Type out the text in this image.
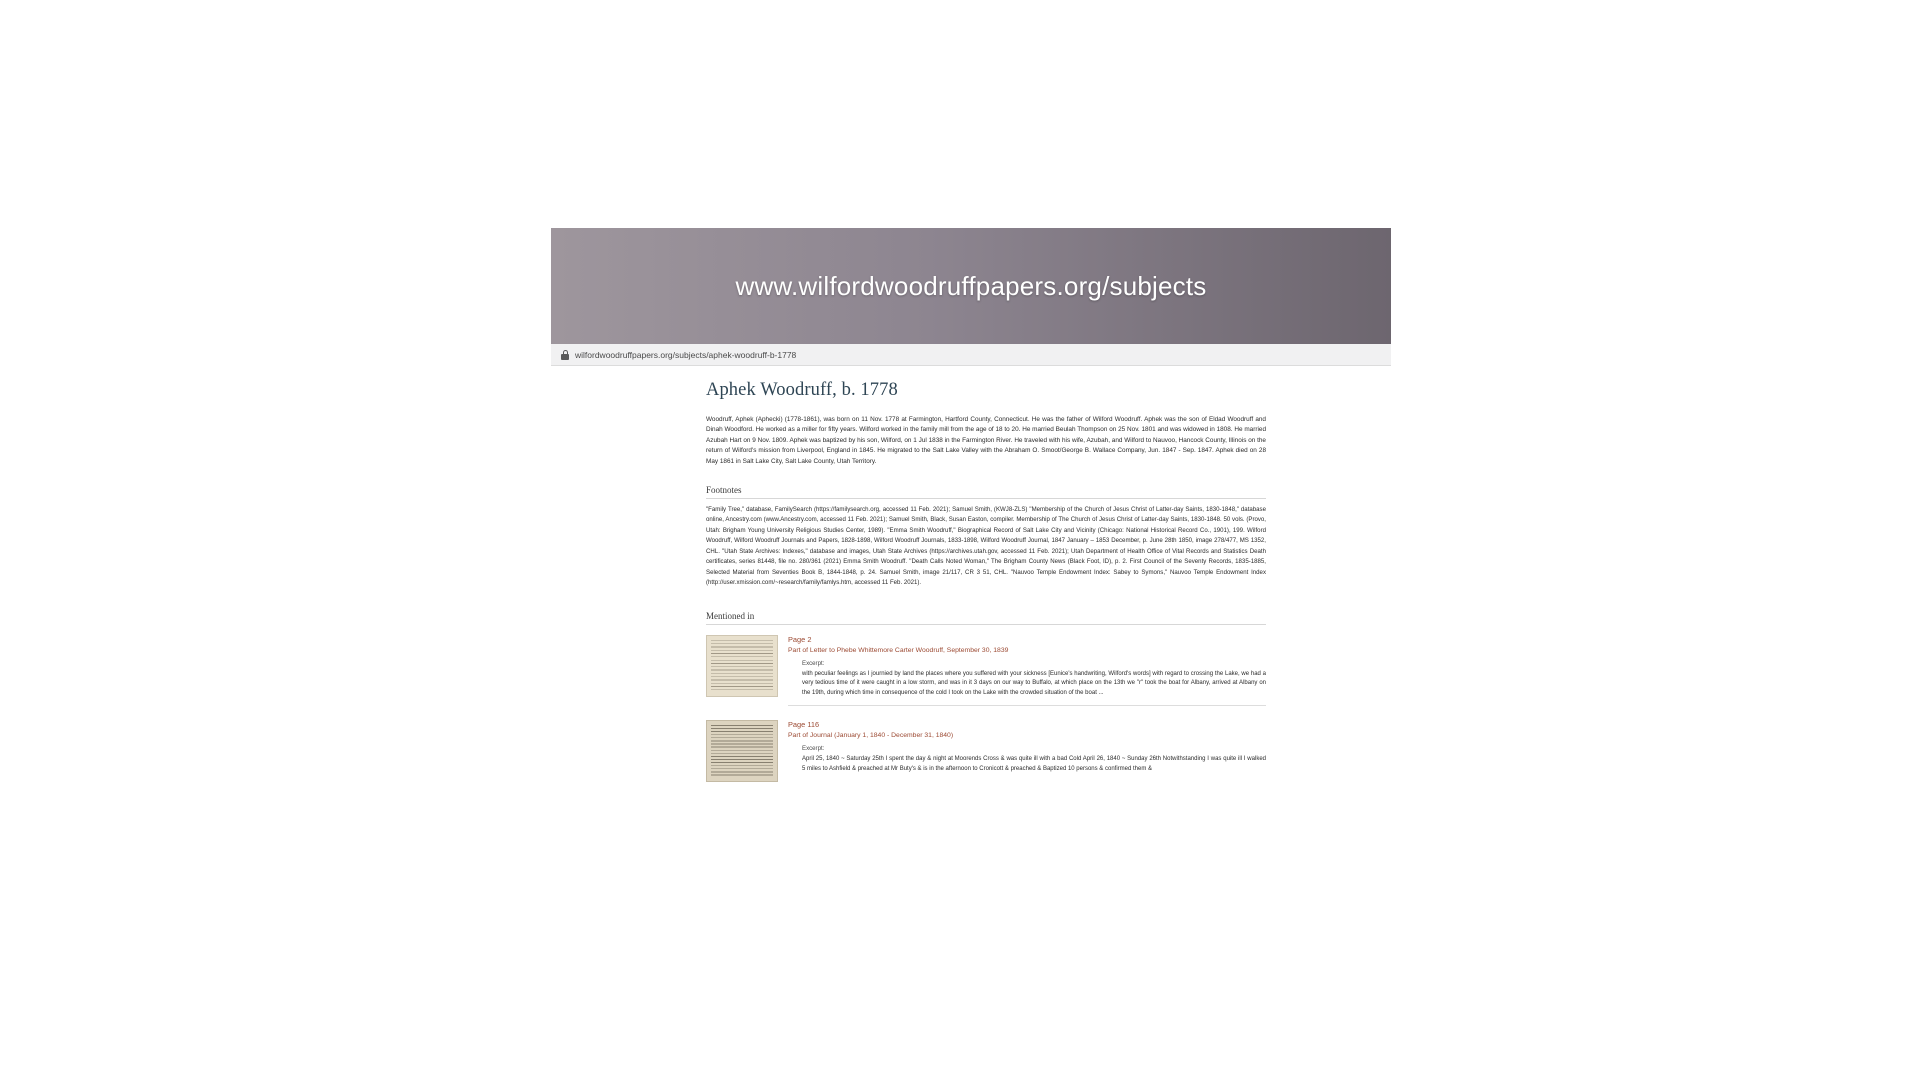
www.wilfordwoodruffpapers.org/subjects
wilfordwoodruffpapers.org/subjects/aphek-woodruff-b-1778
Aphek Woodruff, b. 1778

Woodruff, Aphek (Aphecki) (1778-1861), was born on 11 Nov. 1778 at Farmington, Hartford County, Connecticut. He was the father of Wilford Woodruff. Aphek was the son of Eldad Woodruff and Dinah Woodford. He worked as a miller for fifty years. Wilford worked in the family mill from the age of 18 to 20. He married Beulah Thompson on 25 Nov. 1801 and was widowed in 1808. He married Azubah Hart on 9 Nov. 1809. Aphek was baptized by his son, Wilford, on 1 Jul 1838 in the Farmington River. He traveled with his wife, Azubah, and Wilford to Nauvoo, Hancock County, Illinois on the return of Wilford's mission from Liverpool, England in 1845. He migrated to the Salt Lake Valley with the Abraham O. Smoot/George B. Wallace Company, Jun. 1847 - Sep. 1847. Aphek died on 28 May 1861 in Salt Lake City, Salt Lake County, Utah Territory.

Footnotes

"Family Tree," database, FamilySearch (https://familysearch.org, accessed 11 Feb. 2021); Samuel Smith, (KWJ8-ZLS) "Membership of the Church of Jesus Christ of Latter-day Saints, 1830-1848," database online, Ancestry.com (www.Ancestry.com, accessed 11 Feb. 2021); Samuel Smith, Black, Susan Easton, compiler. Membership of The Church of Jesus Christ of Latter-day Saints, 1830-1848. 50 vols. (Provo, Utah: Brigham Young University Religious Studies Center, 1989). "Emma Smith Woodruff," Biographical Record of Salt Lake City and Vicinity (Chicago: National Historical Record Co., 1901), 199. Wilford Woodruff, Wilford Woodruff Journals and Papers, 1828-1898, Wilford Woodruff Journals, 1833-1898, Wilford Woodruff Journal, 1847 January – 1853 December, p. June 28th 1850, image 278/477, MS 1352, CHL. "Utah State Archives: Indexes," database and images, Utah State Archives (https://archives.utah.gov, accessed 11 Feb. 2021); Utah Department of Health Office of Vital Records and Statistics Death certificates, series 81448, file no. 280/361 (2021) Emma Smith Woodruff. "Death Calls Noted Woman," The Brigham County News (Black Foot, ID), p. 2. First Council of the Seventy Records, 1835-1885, Selected Material from Seventies Book B, 1844-1848, p. 24. Samuel Smith, image 21/117, CR 3 51, CHL. "Nauvoo Temple Endowment Index: Sabey to Symons," Nauvoo Temple Endowment Index (http://user.xmission.com/~research/family/famlys.htm, accessed 11 Feb. 2021).

Mentioned in
Page 2
Part of Letter to Phebe Whittemore Carter Woodruff, September 30, 1839
Excerpt:
with peculiar feelings as I journied by land the places where you suffered with your sickness [Eunice's handwriting, Wilford's words] with regard to crossing the Lake, we had a very tedious time of it were caught in a low storm, and was in it 3 days on our way to Buffalo, at which place on the 13th we "r" took the boat for Albany, arrived at Albany on the 19th, during which time in consequence of the cold I took on the Lake with the crowded situation of the boat ...
Page 116
Part of Journal (January 1, 1840 - December 31, 1840)
Excerpt:
April 25, 1840 ~ Saturday 25th I spent the day & night at Moorends Cross & was quite ill with a bad Cold April 26, 1840 ~ Sunday 26th Notwithstanding I was quite ill I walked 5 miles to Ashfield & preached at Mr Buty's & is in the afternoon to Cronicott & preached & Baptized 10 persons & confirmed them &
